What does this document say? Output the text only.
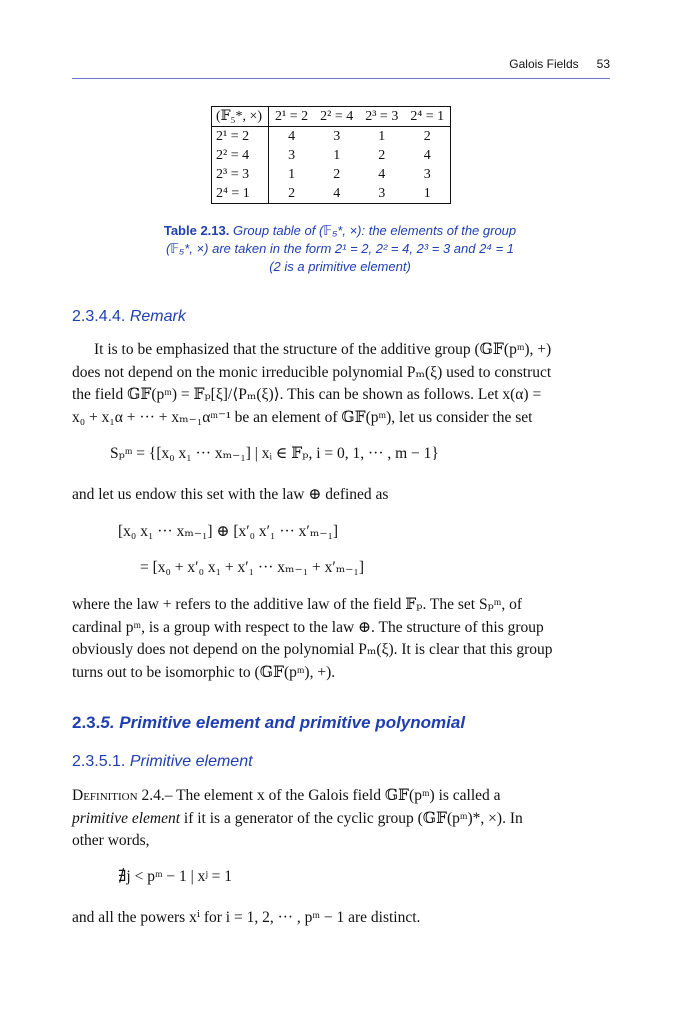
Galois Fields 53
(𝔽₅*, ×)	2¹ = 2	2² = 4	2³ = 3	2⁴ = 1
2¹ = 2	4	3	1	2
2² = 4	3	1	2	4
2³ = 3	1	2	4	3
2⁴ = 1	2	4	3	1
Table 2.13. Group table of (𝔽₅*, ×): the elements of the group
(𝔽₅*, ×) are taken in the form 2¹ = 2, 2² = 4, 2³ = 3 and 2⁴ = 1
(2 is a primitive element)
2.3.4.4. Remark
It is to be emphasized that the structure of the additive group (𝔾𝔽(pᵐ), +)
does not depend on the monic irreducible polynomial Pₘ(ξ) used to construct
the field 𝔾𝔽(pᵐ) = 𝔽ₚ[ξ]/⟨Pₘ(ξ)⟩. This can be shown as follows. Let x(α) =
x₀ + x₁α + ··· + xₘ₋₁αᵐ⁻¹ be an element of 𝔾𝔽(pᵐ), let us consider the set
Sₚᵐ = {[x₀ x₁ ··· xₘ₋₁] | xᵢ ∈ 𝔽ₚ, i = 0, 1, ··· , m − 1}
and let us endow this set with the law ⊕ defined as
[x₀ x₁ ··· xₘ₋₁] ⊕ [x′₀ x′₁ ··· x′ₘ₋₁]
= [x₀ + x′₀ x₁ + x′₁ ··· xₘ₋₁ + x′ₘ₋₁]
where the law + refers to the additive law of the field 𝔽ₚ. The set Sₚᵐ, of
cardinal pᵐ, is a group with respect to the law ⊕. The structure of this group
obviously does not depend on the polynomial Pₘ(ξ). It is clear that this group
turns out to be isomorphic to (𝔾𝔽(pᵐ), +).
2.3.5. Primitive element and primitive polynomial
2.3.5.1. Primitive element
Definition 2.4.– The element x of the Galois field 𝔾𝔽(pᵐ) is called a
primitive element if it is a generator of the cyclic group (𝔾𝔽(pᵐ)*, ×). In
other words,
∄j < pᵐ − 1 | xʲ = 1
and all the powers xⁱ for i = 1, 2, ··· , pᵐ − 1 are distinct.
